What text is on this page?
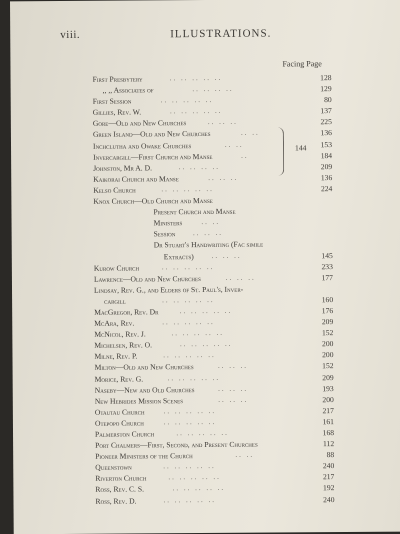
viii.	ILLUSTRATIONS.
Facing Page
First Presbytery	.. .. .. .. ..	128
,, ,, Associates of	.. .. .. ..	129
First Session	.. .. .. .. ..	80
Gillies, Rev. W.	.. .. .. .. ..	137
Gore—Old and New Churches	.. .. ..	225
Green Island—Old and New Churches	.. ..	136
Inchclutha and Owake Churches	.. ..	153
Invercargill—First Church and Manse	..	184
Johnston, Mr A. D.	.. .. .. ..	209
Kaikorai Church and Manse	.. .. ..	136
Kelso Church	.. .. .. .. ..	224
Knox Church—Old Church and Manse
Present Church and Manse
Ministers	.. ..
Session	.. .. ..
Dr Stuart's Handwriting (Fac simile
Extracts)	.. .. ..	145
Kurow Church	.. .. .. .. ..	233
Lawrence—Old and New Churches	.. .. ..	177
Lindsay, Rev. G., and Elders of St. Paul's, Inver-
cargill	.. .. .. .. ..	160
MacGregor, Rev. Dr	.. .. .. .. ..	176
McAra, Rev.	.. .. .. .. ..	209
McNicol, Rev. J.	.. .. .. .. ..	152
Michelsen, Rev. O.	.. .. .. .. ..	200
Milne, Rev. P.	.. .. .. .. ..	200
Milton—Old and New Churches	.. .. ..	152
Morice, Rev. G.	.. .. .. .. ..	209
Naseby—New and Old Churches	.. .. ..	193
New Hebrides Mission Scenes	.. .. ..	200
Otautau Church	.. .. .. .. ..	217
Otepopo Church	.. .. .. .. ..	161
Palmerston Church	.. .. .. .. ..	168
Port Chalmers—First, Second, and Present Churches	112
Pioneer Ministers of the Church	.. ..	88
Queenstown	.. .. .. .. ..	240
Riverton Church	.. .. .. .. ..	217
Ross, Rev. C. S.	.. .. .. .. ..	192
Ross, Rev. D.	.. .. .. .. ..	240
144
